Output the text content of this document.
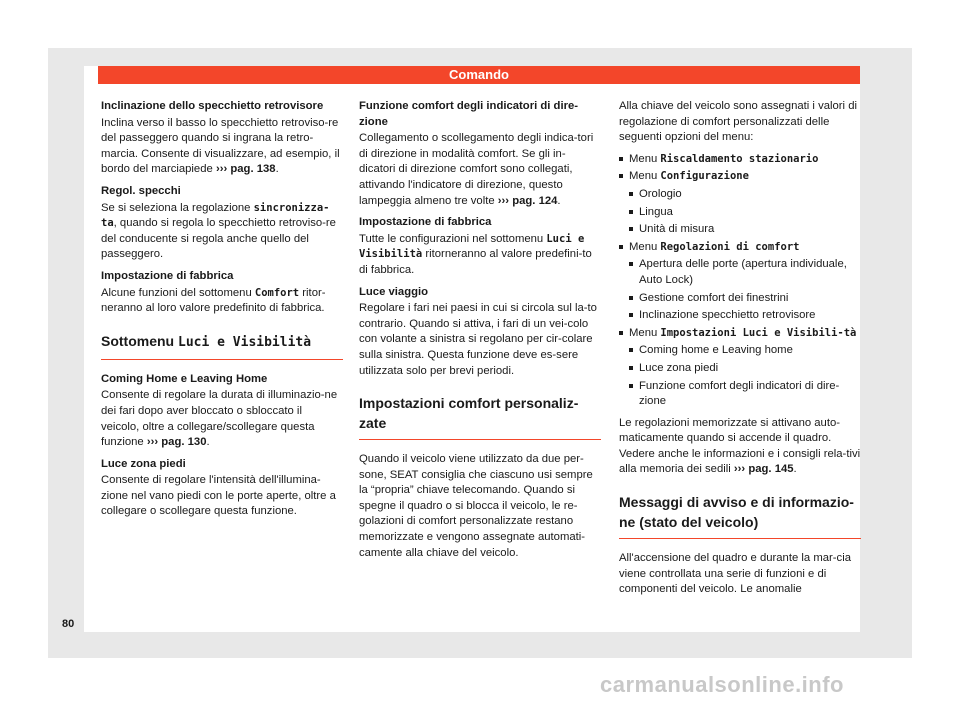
Comando

Inclinazione dello specchietto retrovisore

Inclina verso il basso lo specchietto retroviso-re del passeggero quando si ingrana la retro-marcia. Consente di visualizzare, ad esempio, il bordo del marciapiede ››› pag. 138.

Regol. specchi

Se si seleziona la regolazione sincronizza-ta, quando si regola lo specchietto retroviso-re del conducente si regola anche quello del passeggero.

Impostazione di fabbrica

Alcune funzioni del sottomenu Comfort ritor-neranno al loro valore predefinito di fabbrica.

Sottomenu Luci e Visibilità

Coming Home e Leaving Home

Consente di regolare la durata di illuminazio-ne dei fari dopo aver bloccato o sbloccato il veicolo, oltre a collegare/scollegare questa funzione ››› pag. 130.

Luce zona piedi

Consente di regolare l'intensità dell'illumina-zione nel vano piedi con le porte aperte, oltre a collegare o scollegare questa funzione.

Funzione comfort degli indicatori di dire-zione

Collegamento o scollegamento degli indica-tori di direzione in modalità comfort. Se gli in-dicatori di direzione comfort sono collegati, attivando l'indicatore di direzione, questo lampeggia almeno tre volte ››› pag. 124.

Impostazione di fabbrica

Tutte le configurazioni nel sottomenu Luci e Visibilità ritorneranno al valore predefini-to di fabbrica.

Luce viaggio

Regolare i fari nei paesi in cui si circola sul la-to contrario. Quando si attiva, i fari di un vei-colo con volante a sinistra si regolano per cir-colare sulla sinistra. Questa funzione deve es-sere utilizzata solo per brevi periodi.

Impostazioni comfort personaliz-zate

Quando il veicolo viene utilizzato da due per-sone, SEAT consiglia che ciascuno usi sempre la “propria” chiave telecomando. Quando si spegne il quadro o si blocca il veicolo, le re-golazioni di comfort personalizzate restano memorizzate e vengono assegnate automati-camente alla chiave del veicolo.

Alla chiave del veicolo sono assegnati i valori di regolazione di comfort personalizzati delle seguenti opzioni del menu:

Menu Riscaldamento stazionario
Menu Configurazione
Orologio
Lingua
Unità di misura
Menu Regolazioni di comfort
Apertura delle porte (apertura individuale, Auto Lock)
Gestione comfort dei finestrini
Inclinazione specchietto retrovisore
Menu Impostazioni Luci e Visibili-tà
Coming home e Leaving home
Luce zona piedi
Funzione comfort degli indicatori di dire-zione

Le regolazioni memorizzate si attivano auto-maticamente quando si accende il quadro. Vedere anche le informazioni e i consigli rela-tivi alla memoria dei sedili ››› pag. 145.

Messaggi di avviso e di informazio-ne (stato del veicolo)

All'accensione del quadro e durante la mar-cia viene controllata una serie di funzioni e di componenti del veicolo. Le anomalie

80
carmanualsonline.info
